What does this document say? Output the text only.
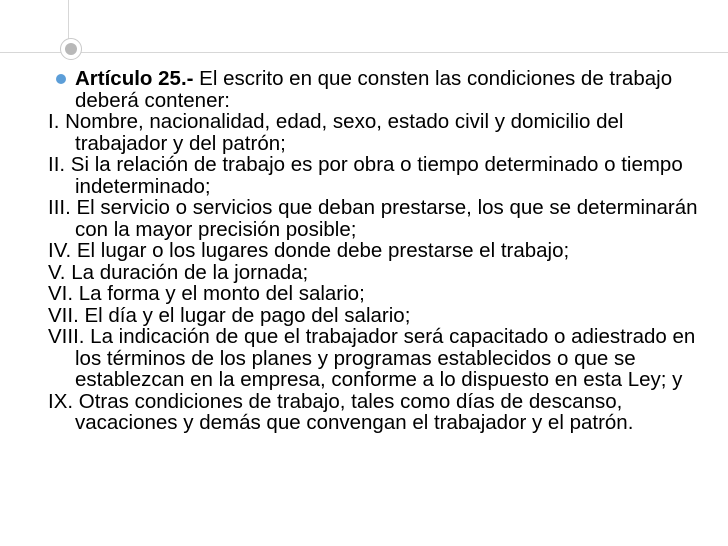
Artículo 25.- El escrito en que consten las condiciones de trabajo deberá contener:
I. Nombre, nacionalidad, edad, sexo, estado civil y domicilio del trabajador y del patrón;
II. Si la relación de trabajo es por obra o tiempo determinado o tiempo indeterminado;
III. El servicio o servicios que deban prestarse, los que se determinarán con la mayor precisión posible;
IV. El lugar o los lugares donde debe prestarse el trabajo;
V. La duración de la jornada;
VI. La forma y el monto del salario;
VII. El día y el lugar de pago del salario;
VIII. La indicación de que el trabajador será capacitado o adiestrado en los términos de los planes y programas establecidos o que se establezcan en la empresa, conforme a lo dispuesto en esta Ley; y
IX. Otras condiciones de trabajo, tales como días de descanso, vacaciones y demás que convengan el trabajador y el patrón.
